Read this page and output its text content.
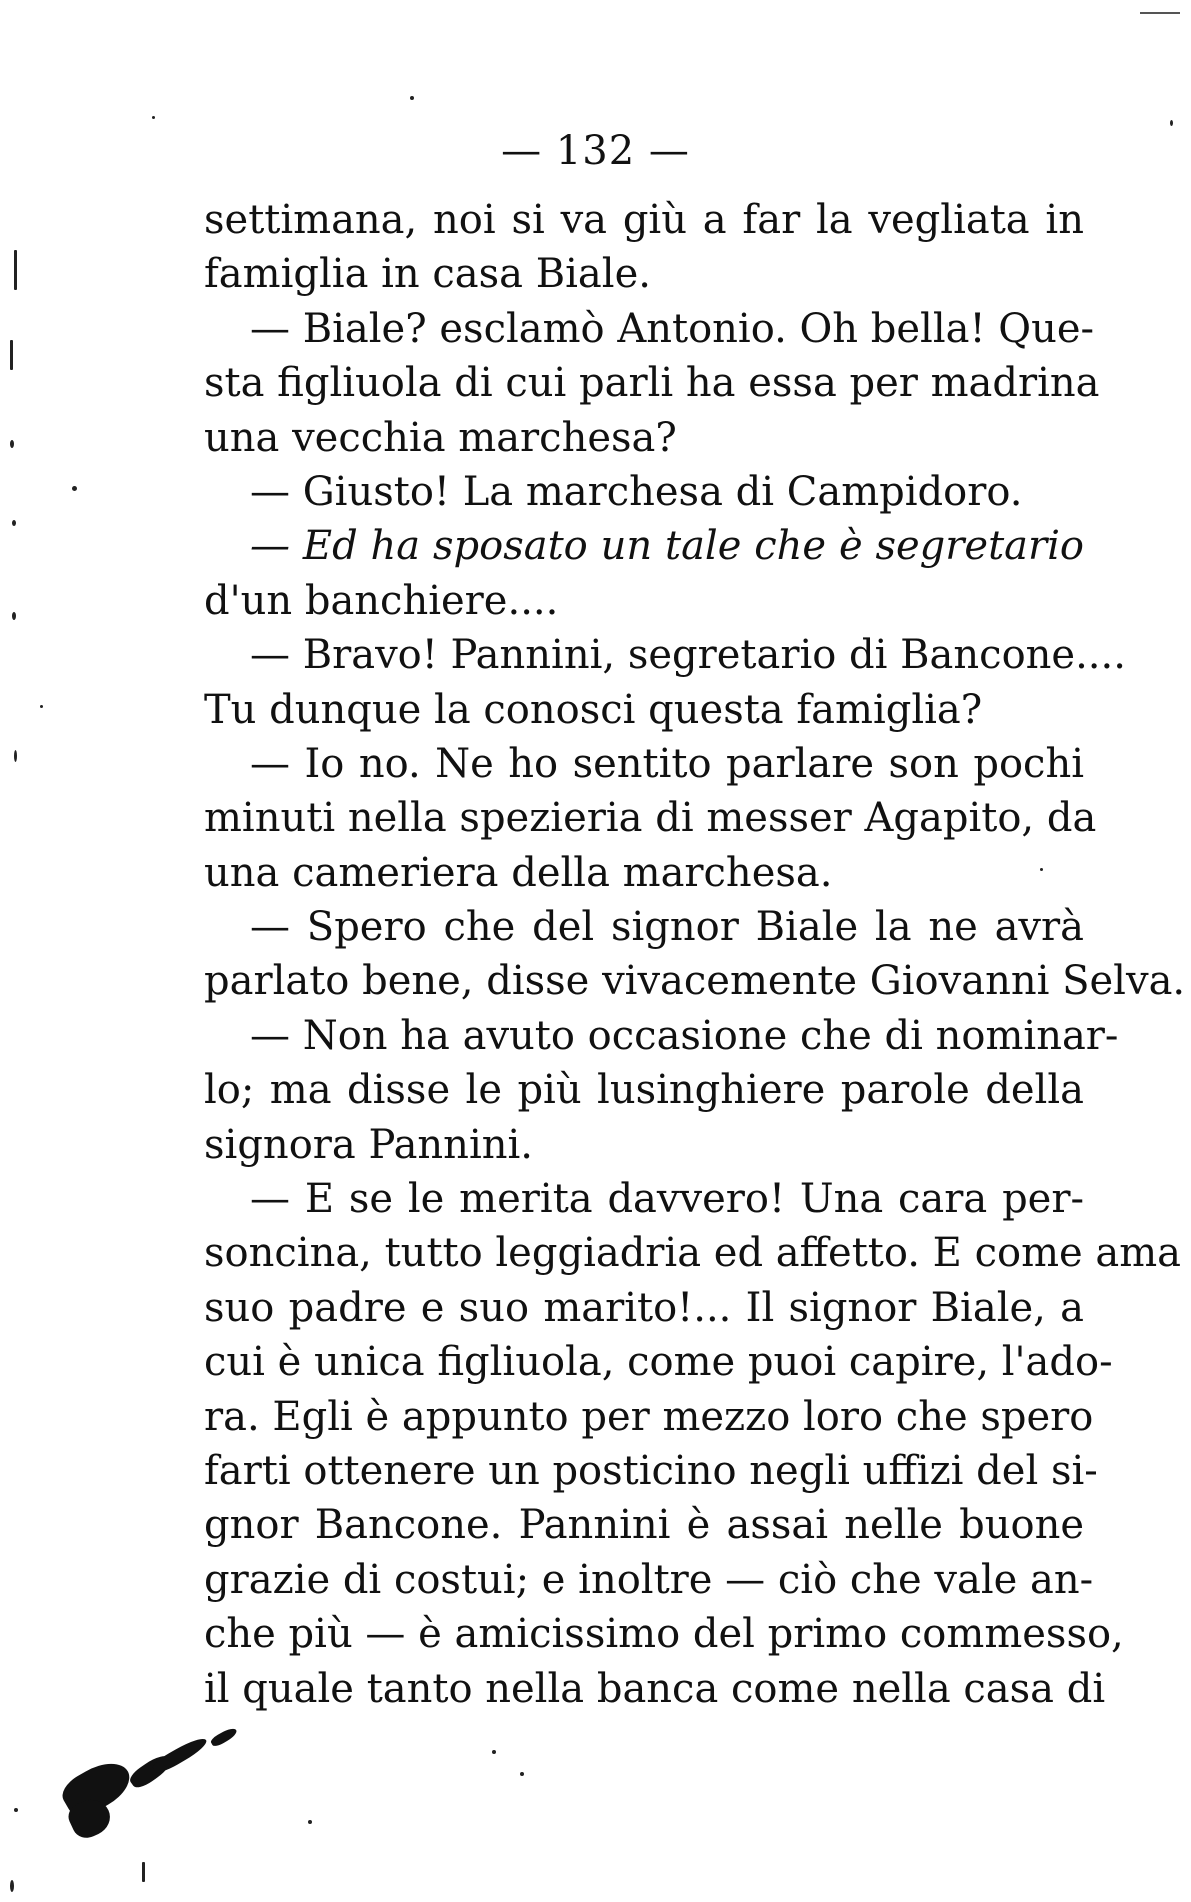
— 132 —
settimana, noi si va giù a far la vegliata in
famiglia in casa Biale.
— Biale? esclamò Antonio. Oh bella! Que-
sta figliuola di cui parli ha essa per madrina
una vecchia marchesa?
— Giusto! La marchesa di Campidoro.
— Ed ha sposato un tale che è segretario
d'un banchiere....
— Bravo! Pannini, segretario di Bancone....
Tu dunque la conosci questa famiglia?
— Io no. Ne ho sentito parlare son pochi
minuti nella spezieria di messer Agapito, da
una cameriera della marchesa.
— Spero che del signor Biale la ne avrà
parlato bene, disse vivacemente Giovanni Selva.
— Non ha avuto occasione che di nominar-
lo; ma disse le più lusinghiere parole della
signora Pannini.
— E se le merita davvero! Una cara per-
soncina, tutto leggiadria ed affetto. E come ama
suo padre e suo marito!... Il signor Biale, a
cui è unica figliuola, come puoi capire, l'ado-
ra. Egli è appunto per mezzo loro che spero
farti ottenere un posticino negli uffizi del si-
gnor Bancone. Pannini è assai nelle buone
grazie di costui; e inoltre — ciò che vale an-
che più — è amicissimo del primo commesso,
il quale tanto nella banca come nella casa di
